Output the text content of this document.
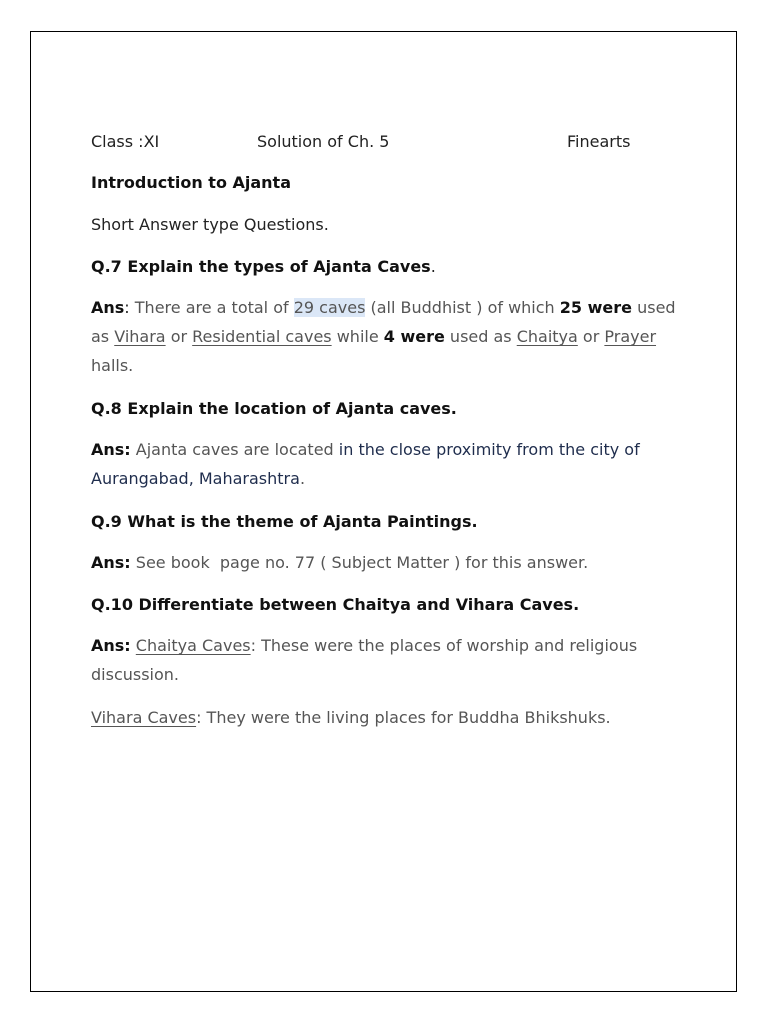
Class :XI	Solution of Ch. 5	Finearts
Introduction to Ajanta
Short Answer type Questions.
Q.7 Explain the types of Ajanta Caves.
Ans: There are a total of 29 caves (all Buddhist ) of which 25 were used as Vihara or Residential caves while 4 were used as Chaitya or Prayer halls.
Q.8 Explain the location of Ajanta caves.
Ans: Ajanta caves are located in the close proximity from the city of Aurangabad, Maharashtra.
Q.9 What is the theme of Ajanta Paintings.
Ans: See book  page no. 77 ( Subject Matter ) for this answer.
Q.10 Differentiate between Chaitya and Vihara Caves.
Ans: Chaitya Caves: These were the places of worship and religious discussion.
Vihara Caves: They were the living places for Buddha Bhikshuks.
